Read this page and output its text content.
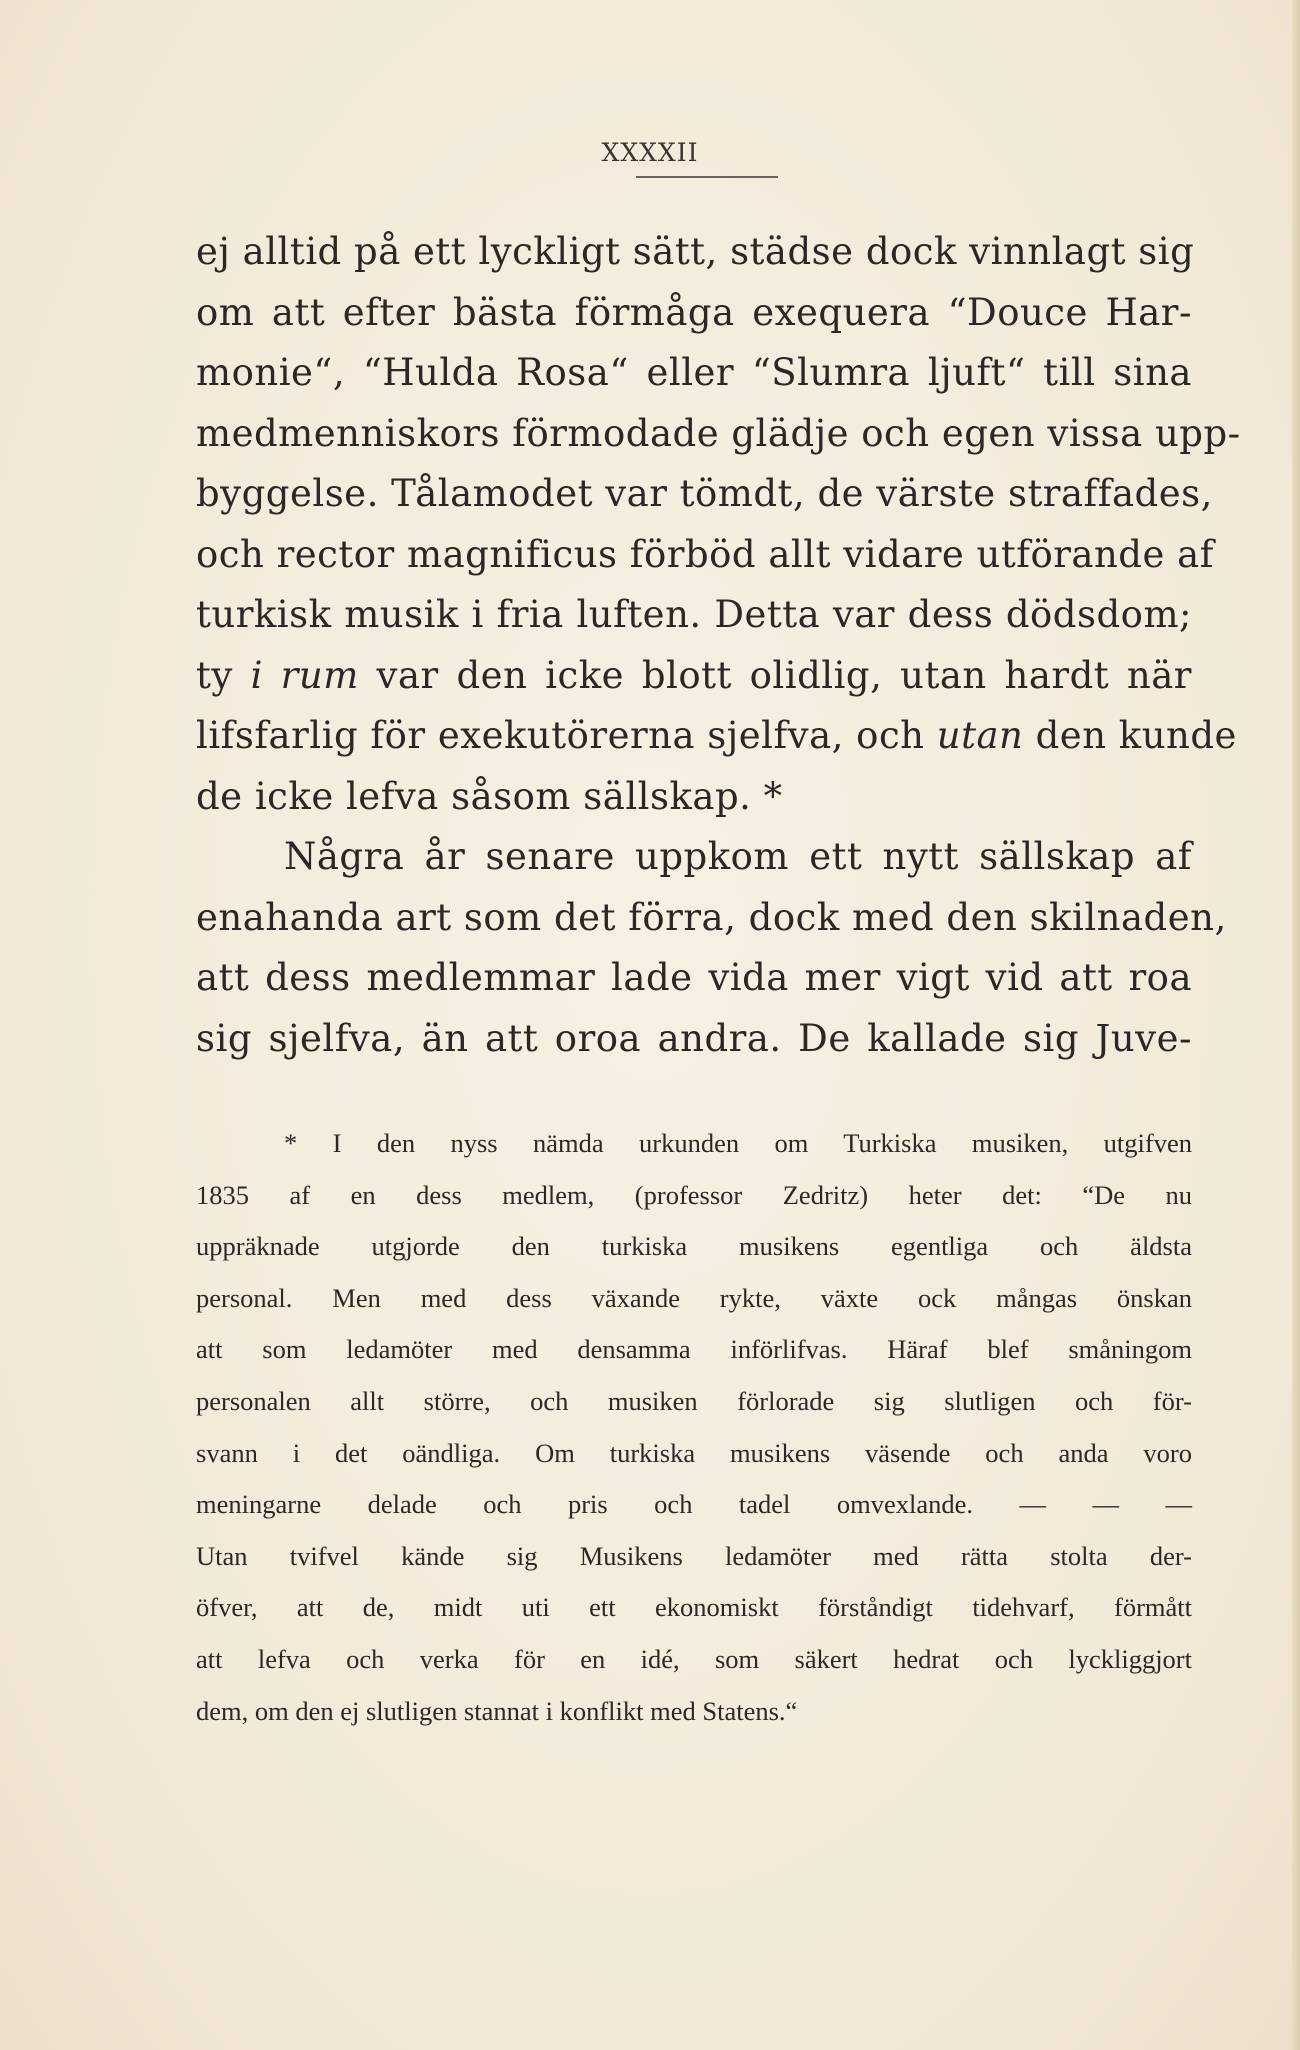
XXXXII
ej alltid på ett lyckligt sätt, städse dock vinnlagt sig
om att efter bästa förmåga exequera “Douce Har-
monie“, “Hulda Rosa“ eller “Slumra ljuft“ till sina
medmenniskors förmodade glädje och egen vissa upp-
byggelse. Tålamodet var tömdt, de värste straffades,
och rector magnificus förböd allt vidare utförande af
turkisk musik i fria luften. Detta var dess dödsdom;
ty i rum var den icke blott olidlig, utan hardt när
lifsfarlig för exekutörerna sjelfva, och utan den kunde
de icke lefva såsom sällskap. *
Några år senare uppkom ett nytt sällskap af
enahanda art som det förra, dock med den skilnaden,
att dess medlemmar lade vida mer vigt vid att roa
sig sjelfva, än att oroa andra. De kallade sig Juve-
* I den nyss nämda urkunden om Turkiska musiken, utgifven
1835 af en dess medlem, (professor Zedritz) heter det: “De nu
uppräknade utgjorde den turkiska musikens egentliga och äldsta
personal. Men med dess växande rykte, växte ock mångas önskan
att som ledamöter med densamma införlifvas. Häraf blef småningom
personalen allt större, och musiken förlorade sig slutligen och för-
svann i det oändliga. Om turkiska musikens väsende och anda voro
meningarne delade och pris och tadel omvexlande. — — —
Utan tvifvel kände sig Musikens ledamöter med rätta stolta der-
öfver, att de, midt uti ett ekonomiskt förståndigt tidehvarf, förmått
att lefva och verka för en idé, som säkert hedrat och lyckliggjort
dem, om den ej slutligen stannat i konflikt med Statens.“
